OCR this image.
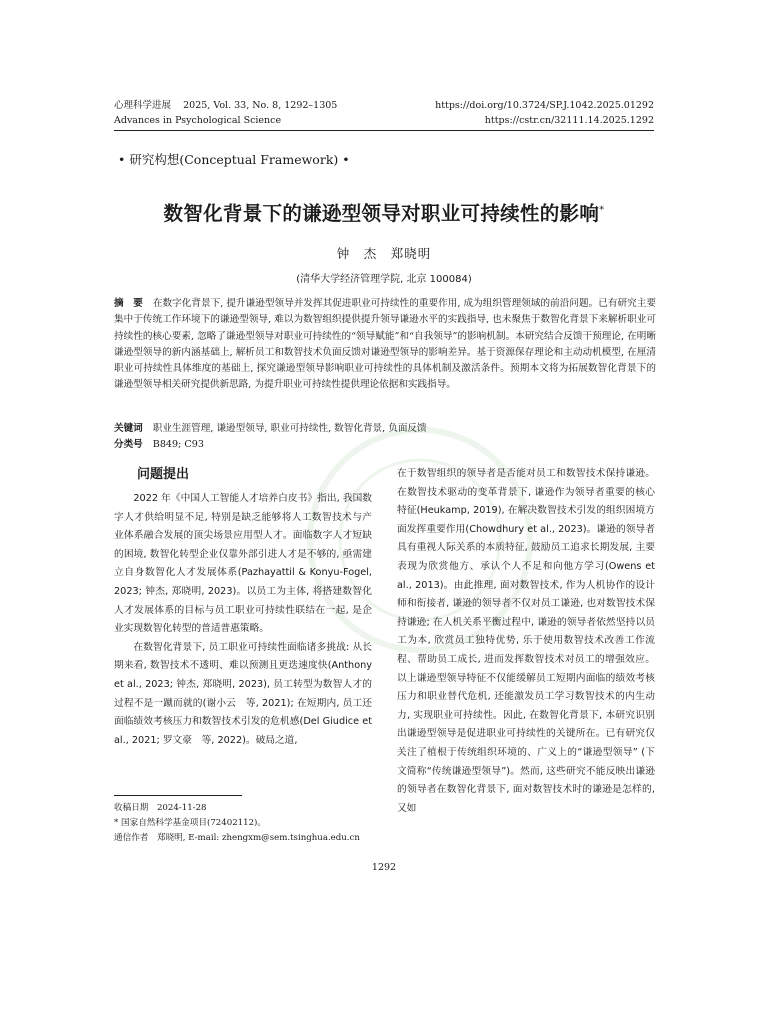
心理科学进展 2025, Vol. 33, No. 8, 1292–1305	https://doi.org/10.3724/SP.J.1042.2025.01292
Advances in Psychological Science	https://cstr.cn/32111.14.2025.1292
• 研究构想(Conceptual Framework) •
数智化背景下的谦逊型领导对职业可持续性的影响*
钟　杰　郑晓明
(清华大学经济管理学院, 北京 100084)
摘　要 在数字化背景下, 提升谦逊型领导并发挥其促进职业可持续性的重要作用, 成为组织管理领域的前沿问题。已有研究主要集中于传统工作环境下的谦逊型领导, 难以为数智组织提供提升领导谦逊水平的实践指导, 也未聚焦于数智化背景下来解析职业可持续性的核心要素, 忽略了谦逊型领导对职业可持续性的“领导赋能”和“自我领导”的影响机制。本研究结合反馈干预理论, 在明晰谦逊型领导的新内涵基础上, 解析员工和数智技术负面反馈对谦逊型领导的影响差异。基于资源保存理论和主动动机模型, 在厘清职业可持续性具体维度的基础上, 探究谦逊型领导影响职业可持续性的具体机制及激活条件。预期本文将为拓展数智化背景下的谦逊型领导相关研究提供新思路, 为提升职业可持续性提供理论依据和实践指导。
关键词 职业生涯管理, 谦逊型领导, 职业可持续性, 数智化背景, 负面反馈
分类号 B849; C93
问题提出

2022 年《中国人工智能人才培养白皮书》指出, 我国数字人才供给明显不足, 特别是缺乏能够将人工数智技术与产业体系融合发展的顶尖场景应用型人才。面临数字人才短缺的困境, 数智化转型企业仅靠外部引进人才是不够的, 亟需建立自身数智化人才发展体系(Pazhayattil & Konyu-Fogel, 2023; 钟杰, 郑晓明, 2023)。以员工为主体, 将搭建数智化人才发展体系的目标与员工职业可持续性联结在一起, 是企业实现数智化转型的普适普惠策略。

在数智化背景下, 员工职业可持续性面临诸多挑战: 从长期来看, 数智技术不透明、难以预测且更迭速度快(Anthony et al., 2023; 钟杰, 郑晓明, 2023), 员工转型为数智人才的过程不是一蹴而就的(谢小云　等, 2021); 在短期内, 员工还面临绩效考核压力和数智技术引发的危机感(Del Giudice et al., 2021; 罗文豪　等, 2022)。破局之道,

在于数智组织的领导者是否能对员工和数智技术保持谦逊。在数智技术驱动的变革背景下, 谦逊作为领导者重要的核心特征(Heukamp, 2019), 在解决数智技术引发的组织困境方面发挥重要作用(Chowdhury et al., 2023)。谦逊的领导者具有重视人际关系的本质特征, 鼓励员工追求长期发展, 主要表现为欣赏他方、承认个人不足和向他方学习(Owens et al., 2013)。由此推理, 面对数智技术, 作为人机协作的设计师和衔接者, 谦逊的领导者不仅对员工谦逊, 也对数智技术保持谦逊; 在人机关系平衡过程中, 谦逊的领导者依然坚持以员工为本, 欣赏员工独特优势, 乐于使用数智技术改善工作流程、帮助员工成长, 进而发挥数智技术对员工的增强效应。以上谦逊型领导特征不仅能缓解员工短期内面临的绩效考核压力和职业替代危机, 还能激发员工学习数智技术的内生动力, 实现职业可持续性。因此, 在数智化背景下, 本研究识别出谦逊型领导是促进职业可持续性的关键所在。已有研究仅关注了植根于传统组织环境的、广义上的“谦逊型领导” (下文简称“传统谦逊型领导”)。然而, 这些研究不能反映出谦逊的领导者在数智化背景下, 面对数智技术时的谦逊是怎样的, 又如

收稿日期　2024-11-28
* 国家自然科学基金项目(72402112)。
通信作者　郑晓明, E-mail: zhengxm@sem.tsinghua.edu.cn
1292
